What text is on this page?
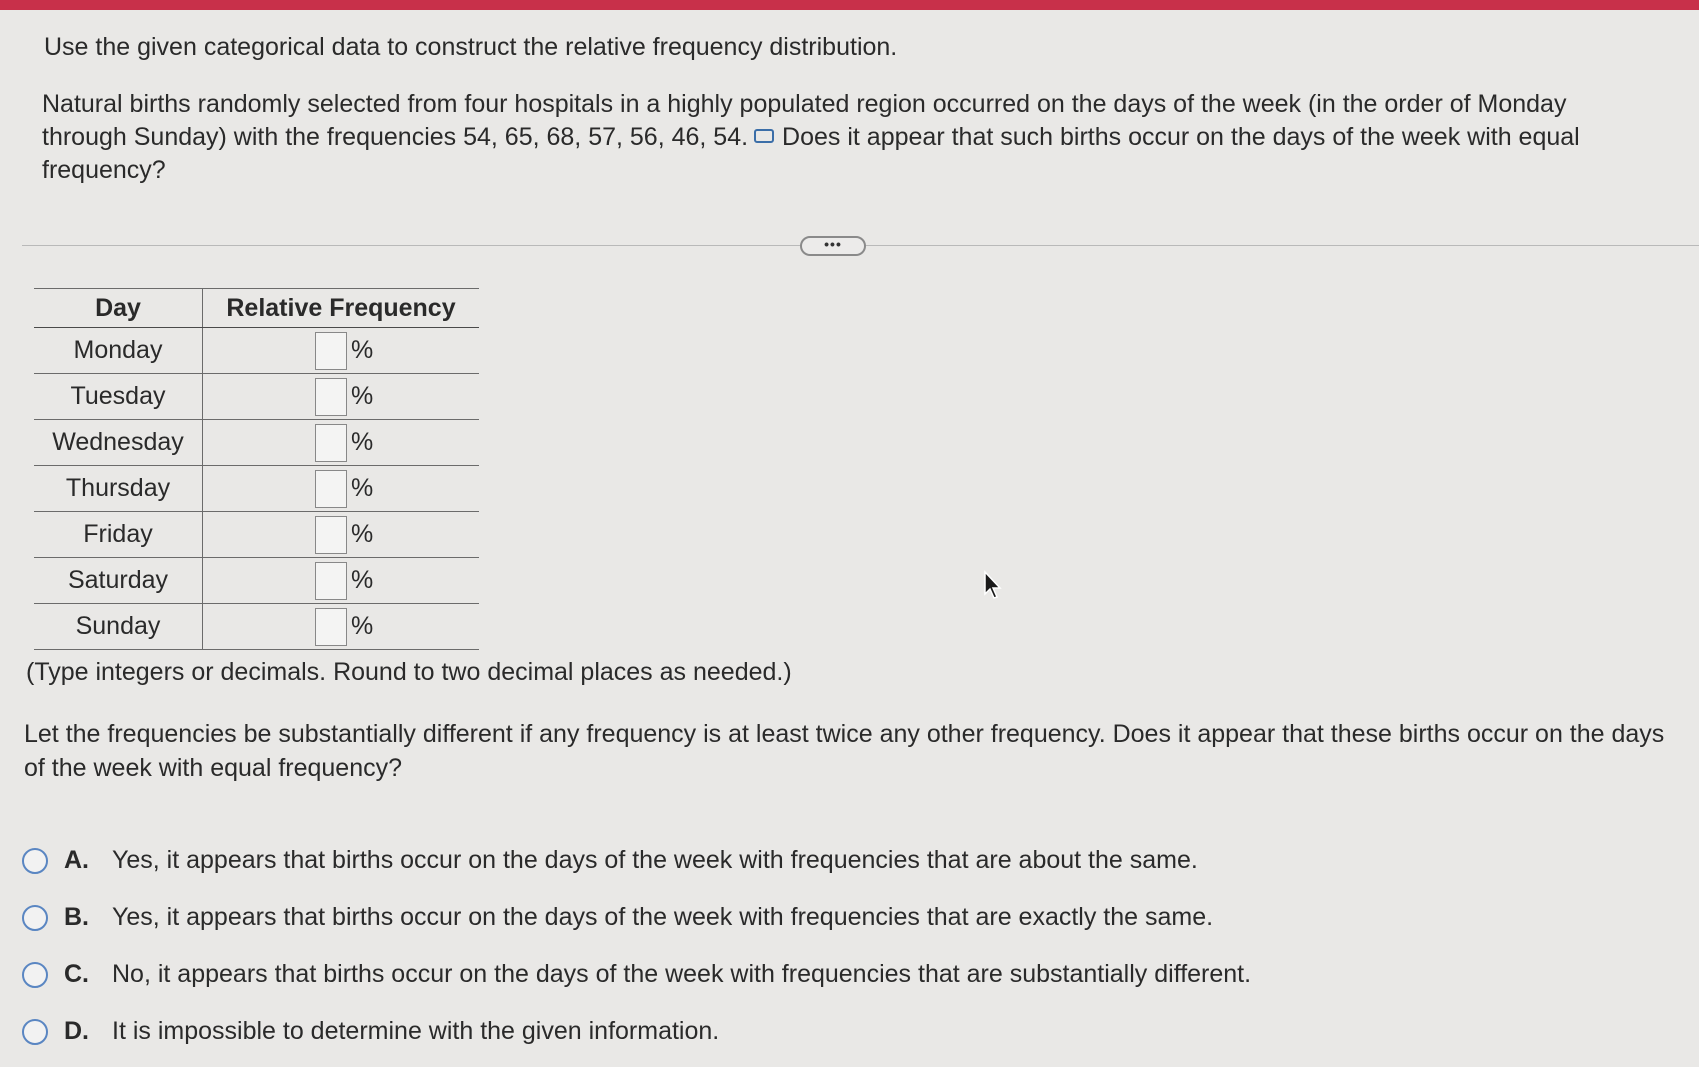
Use the given categorical data to construct the relative frequency distribution.
Natural births randomly selected from four hospitals in a highly populated region occurred on the days of the week (in the order of Monday through Sunday) with the frequencies 54, 65, 68, 57, 56, 46, 54. Does it appear that such births occur on the days of the week with equal frequency?
•••
Day	Relative Frequency
Monday	%

Tuesday	%

Wednesday	%

Thursday	%

Friday	%

Saturday	%

Sunday	%
(Type integers or decimals. Round to two decimal places as needed.)
Let the frequencies be substantially different if any frequency is at least twice any other frequency. Does it appear that these births occur on the days of the week with equal frequency?
A. Yes, it appears that births occur on the days of the week with frequencies that are about the same.
B. Yes, it appears that births occur on the days of the week with frequencies that are exactly the same.
C. No, it appears that births occur on the days of the week with frequencies that are substantially different.
D. It is impossible to determine with the given information.
